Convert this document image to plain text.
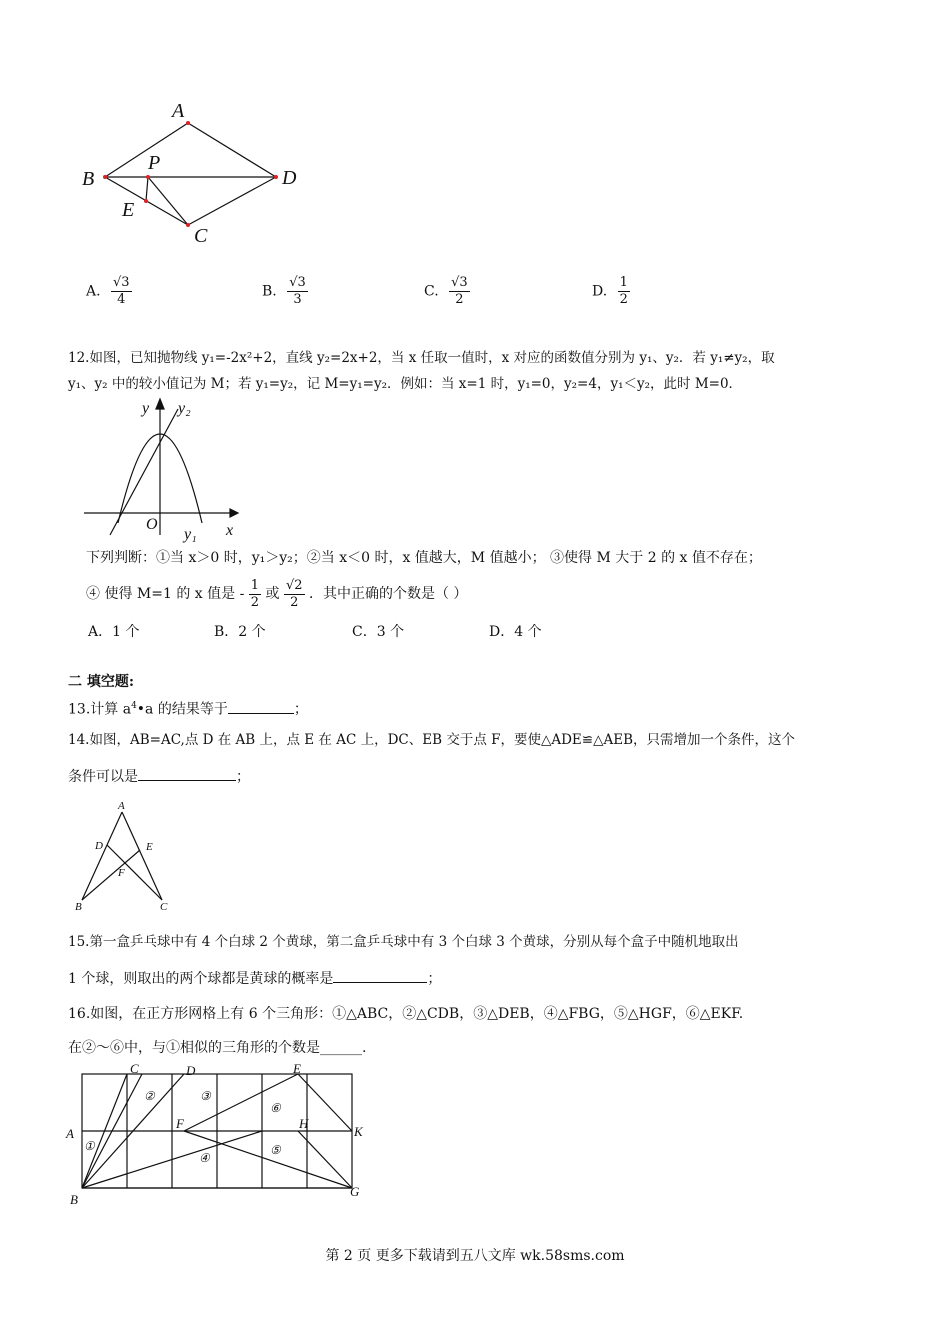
A
B
P
D
E
C
A. $\frac{√3}{4}$	B. $\frac{√3}{3}$	C. $\frac{√3}{2}$	D. $\frac{1}{2}$
12.如图，已知抛物线 y₁=-2x²+2，直线 y₂=2x+2，当 x 任取一值时，x 对应的函数值分别为 y₁、y₂．若 y₁≠y₂，取
y₁、y₂ 中的较小值记为 M；若 y₁=y₂，记 M=y₁=y₂．例如：当 x=1 时，y₁=0，y₂=4，y₁＜y₂，此时 M=0．
y y₂
O
y₁ x
下列判断：①当 x＞0 时，y₁＞y₂；②当 x＜0 时，x 值越大，M 值越小； ③使得 M 大于 2 的 x 值不存在；
④ 使得 M=1 的 x 值是 - $\frac{1}{2}$ 或 $\frac{√2}{2}$ ．其中正确的个数是（ ）
A．1 个	B．2 个	C．3 个	D．4 个
二 填空题:
13.计算 $a^4•a$ 的结果等于	；
14.如图，AB=AC,点 D 在 AB 上，点 E 在 AC 上，DC、EB 交于点 F，要使△ADE≌△AEB，只需增加一个条件，这个
条件可以是	；
A
D	E
F
B	C
15.第一盒乒乓球中有 4 个白球 2 个黄球，第二盒乒乓球中有 3 个白球 3 个黄球，分别从每个盒子中随机地取出
1 个球，则取出的两个球都是黄球的概率是	；
16.如图，在正方形网格上有 6 个三角形：①△ABC，②△CDB，③△DEB，④△FBG，⑤△HGF，⑥△EKF.
在②～⑥中，与①相似的三角形的个数是______.
C	D	E
A
F	H
K
B
G
①
②	③
④
⑤
⑥
第 2 页 更多下载请到五八文库 wk.58sms.com
